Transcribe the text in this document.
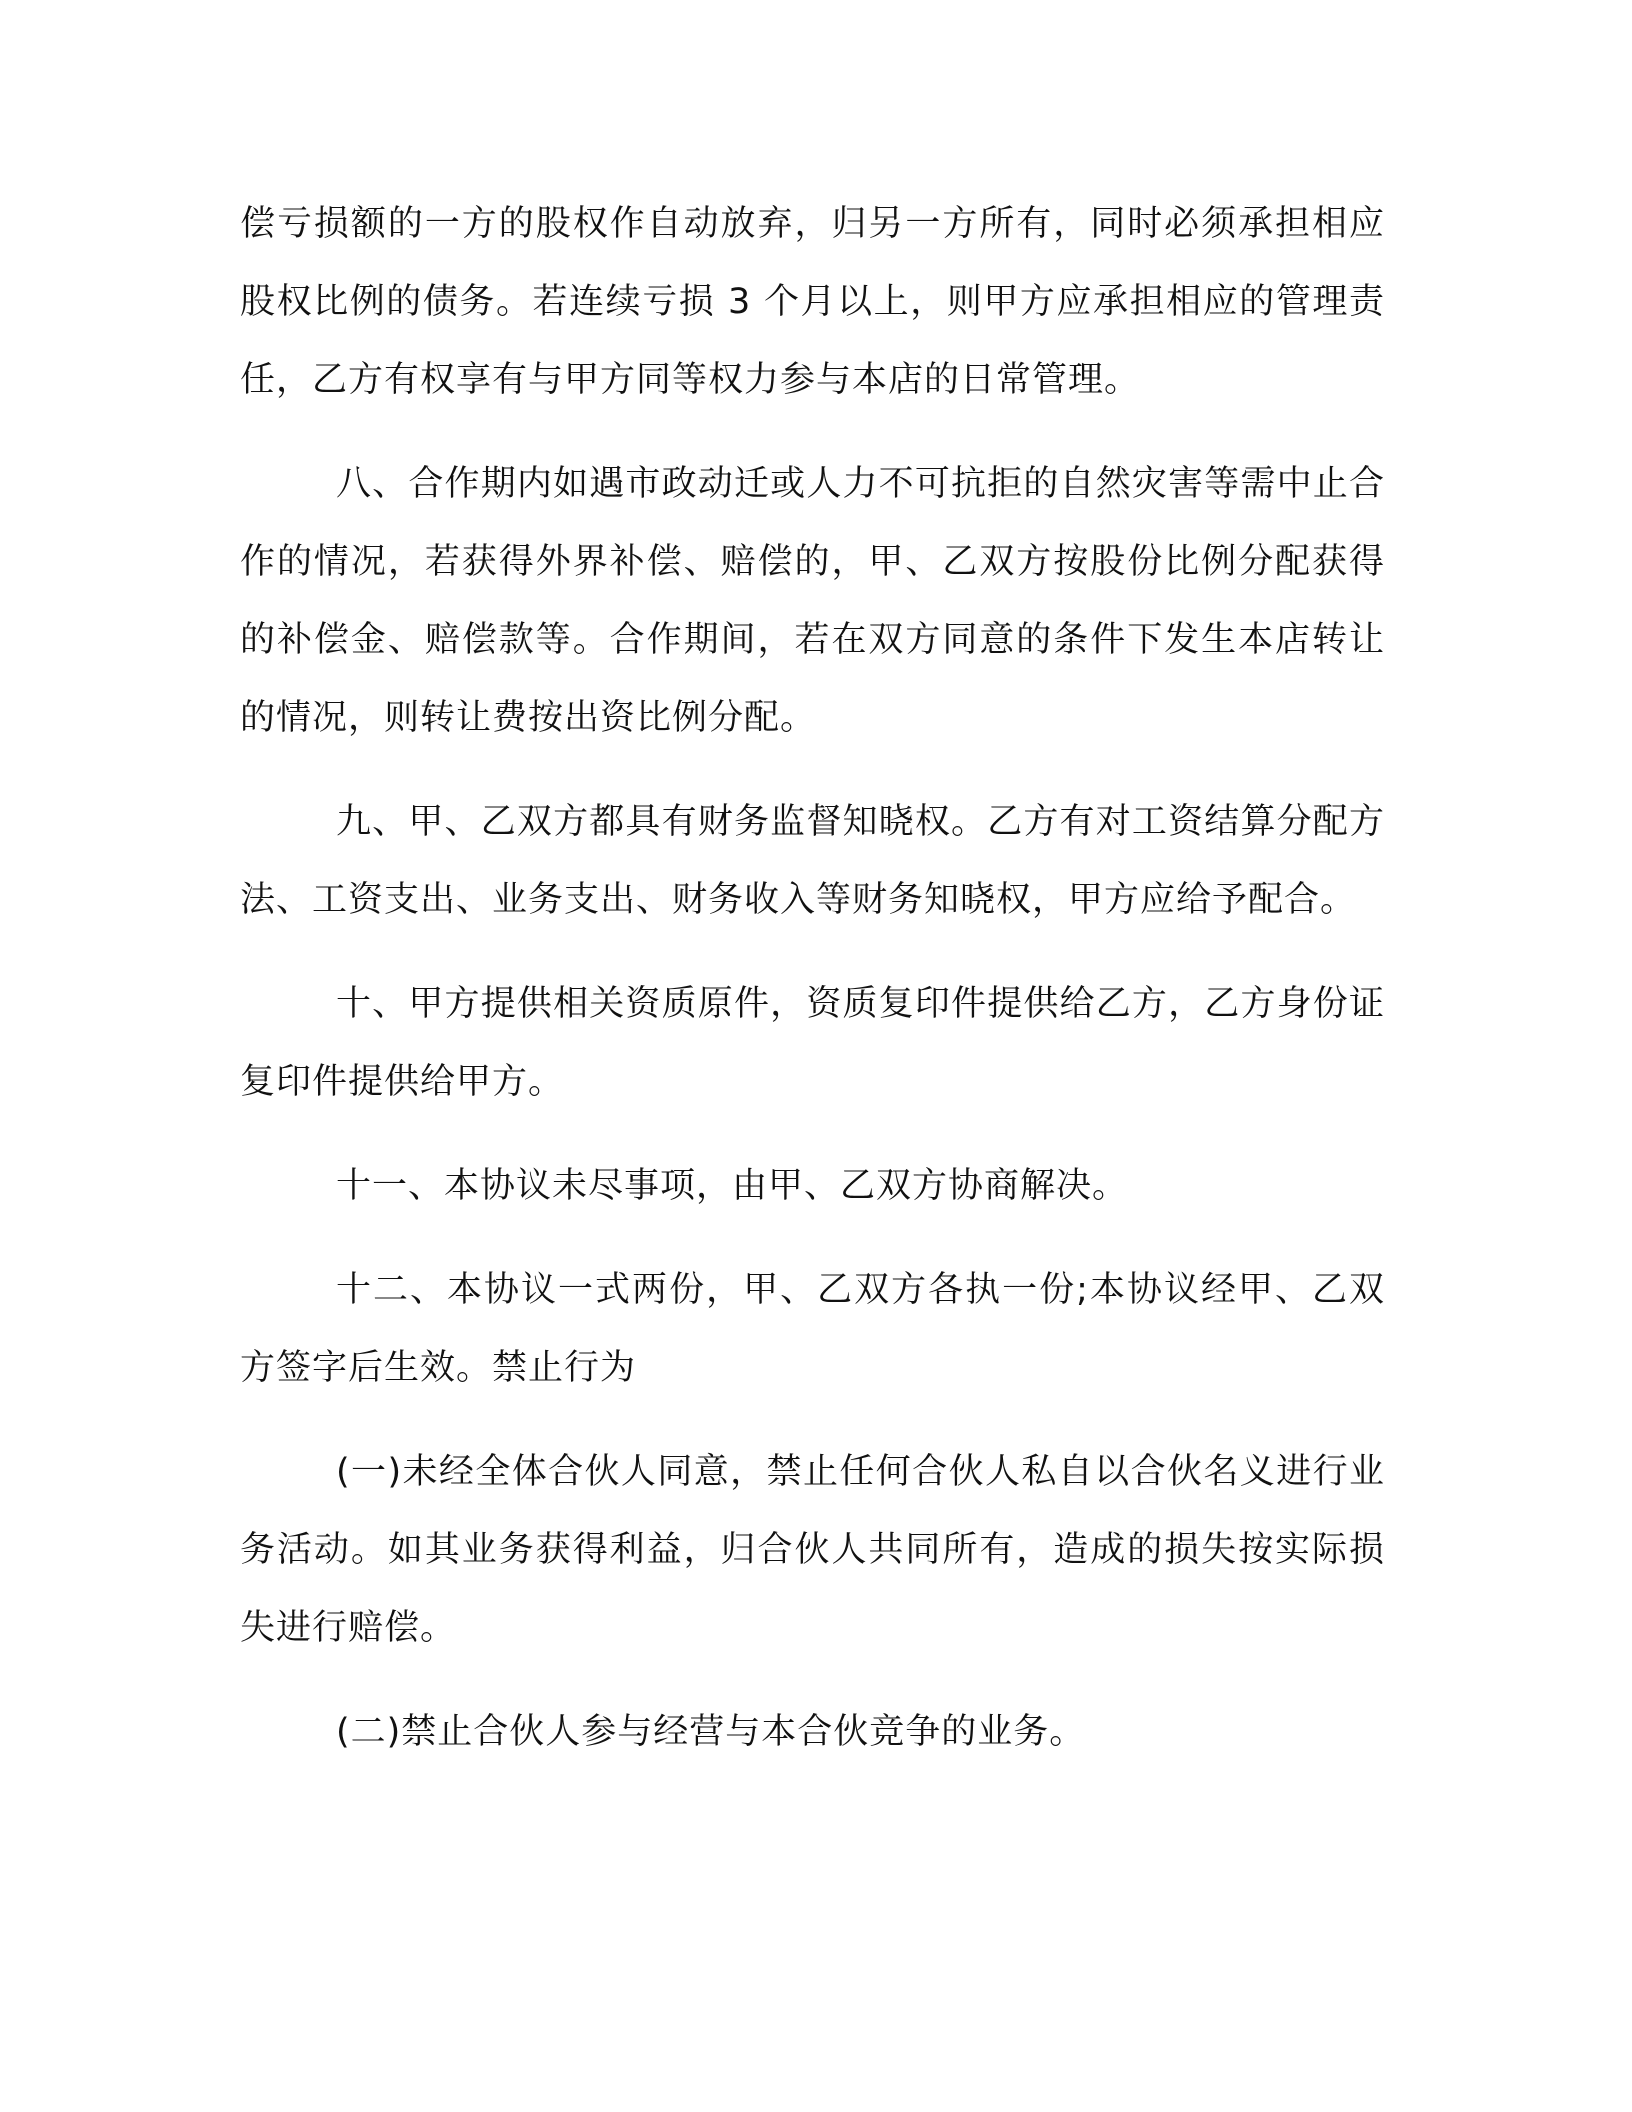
偿亏损额的一方的股权作自动放弃，归另一方所有，同时必须承担相应股权比例的债务。若连续亏损 3 个月以上，则甲方应承担相应的管理责任，乙方有权享有与甲方同等权力参与本店的日常管理。

八、合作期内如遇市政动迁或人力不可抗拒的自然灾害等需中止合作的情况，若获得外界补偿、赔偿的，甲、乙双方按股份比例分配获得的补偿金、赔偿款等。合作期间，若在双方同意的条件下发生本店转让的情况，则转让费按出资比例分配。

九、甲、乙双方都具有财务监督知晓权。乙方有对工资结算分配方法、工资支出、业务支出、财务收入等财务知晓权，甲方应给予配合。

十、甲方提供相关资质原件，资质复印件提供给乙方，乙方身份证复印件提供给甲方。

十一、本协议未尽事项，由甲、乙双方协商解决。

十二、本协议一式两份，甲、乙双方各执一份;本协议经甲、乙双方签字后生效。禁止行为

(一)未经全体合伙人同意，禁止任何合伙人私自以合伙名义进行业务活动。如其业务获得利益，归合伙人共同所有，造成的损失按实际损失进行赔偿。

(二)禁止合伙人参与经营与本合伙竞争的业务。
